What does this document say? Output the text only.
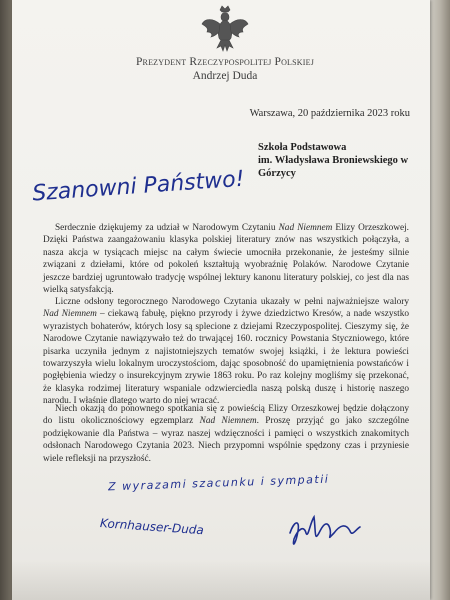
Prezydent Rzeczypospolitej Polskiej
Andrzej Duda
Warszawa, 20 października 2023 roku
Szkoła Podstawowa
im. Władysława Broniewskiego w Górzycy
Szanowni Państwo!
Serdecznie dziękujemy za udział w Narodowym Czytaniu Nad Niemnem Elizy Orzeszkowej. Dzięki Państwa zaangażowaniu klasyka polskiej literatury znów nas wszystkich połączyła, a nasza akcja w tysiącach miejsc na całym świecie umocniła przekonanie, że jesteśmy silnie związani z dziełami, które od pokoleń kształtują wyobraźnię Polaków. Narodowe Czytanie jeszcze bardziej ugruntowało tradycję wspólnej lektury kanonu literatury polskiej, co jest dla nas wielką satysfakcją.
Liczne odsłony tegorocznego Narodowego Czytania ukazały w pełni najważniejsze walory Nad Niemnem – ciekawą fabułę, piękno przyrody i żywe dziedzictwo Kresów, a nade wszystko wyrazistych bohaterów, których losy są splecione z dziejami Rzeczypospolitej. Cieszymy się, że Narodowe Czytanie nawiązywało też do trwającej 160. rocznicy Powstania Styczniowego, które pisarka uczyniła jednym z najistotniejszych tematów swojej książki, i że lektura powieści towarzyszyła wielu lokalnym uroczystościom, dając sposobność do upamiętnienia powstańców i pogłębienia wiedzy o insurekcyjnym zrywie 1863 roku. Po raz kolejny mogliśmy się przekonać, że klasyka rodzimej literatury wspaniale odzwierciedla naszą polską duszę i historię naszego narodu. I właśnie dlatego warto do niej wracać.
Niech okazją do ponownego spotkania się z powieścią Elizy Orzeszkowej będzie dołączony do listu okolicznościowy egzemplarz Nad Niemnem. Proszę przyjąć go jako szczególne podziękowanie dla Państwa – wyraz naszej wdzięczności i pamięci o wszystkich znakomitych odsłonach Narodowego Czytania 2023. Niech przypomni wspólnie spędzony czas i przyniesie wiele refleksji na przyszłość.
Z wyrazami szacunku i sympatii
Kornhauser-Duda
